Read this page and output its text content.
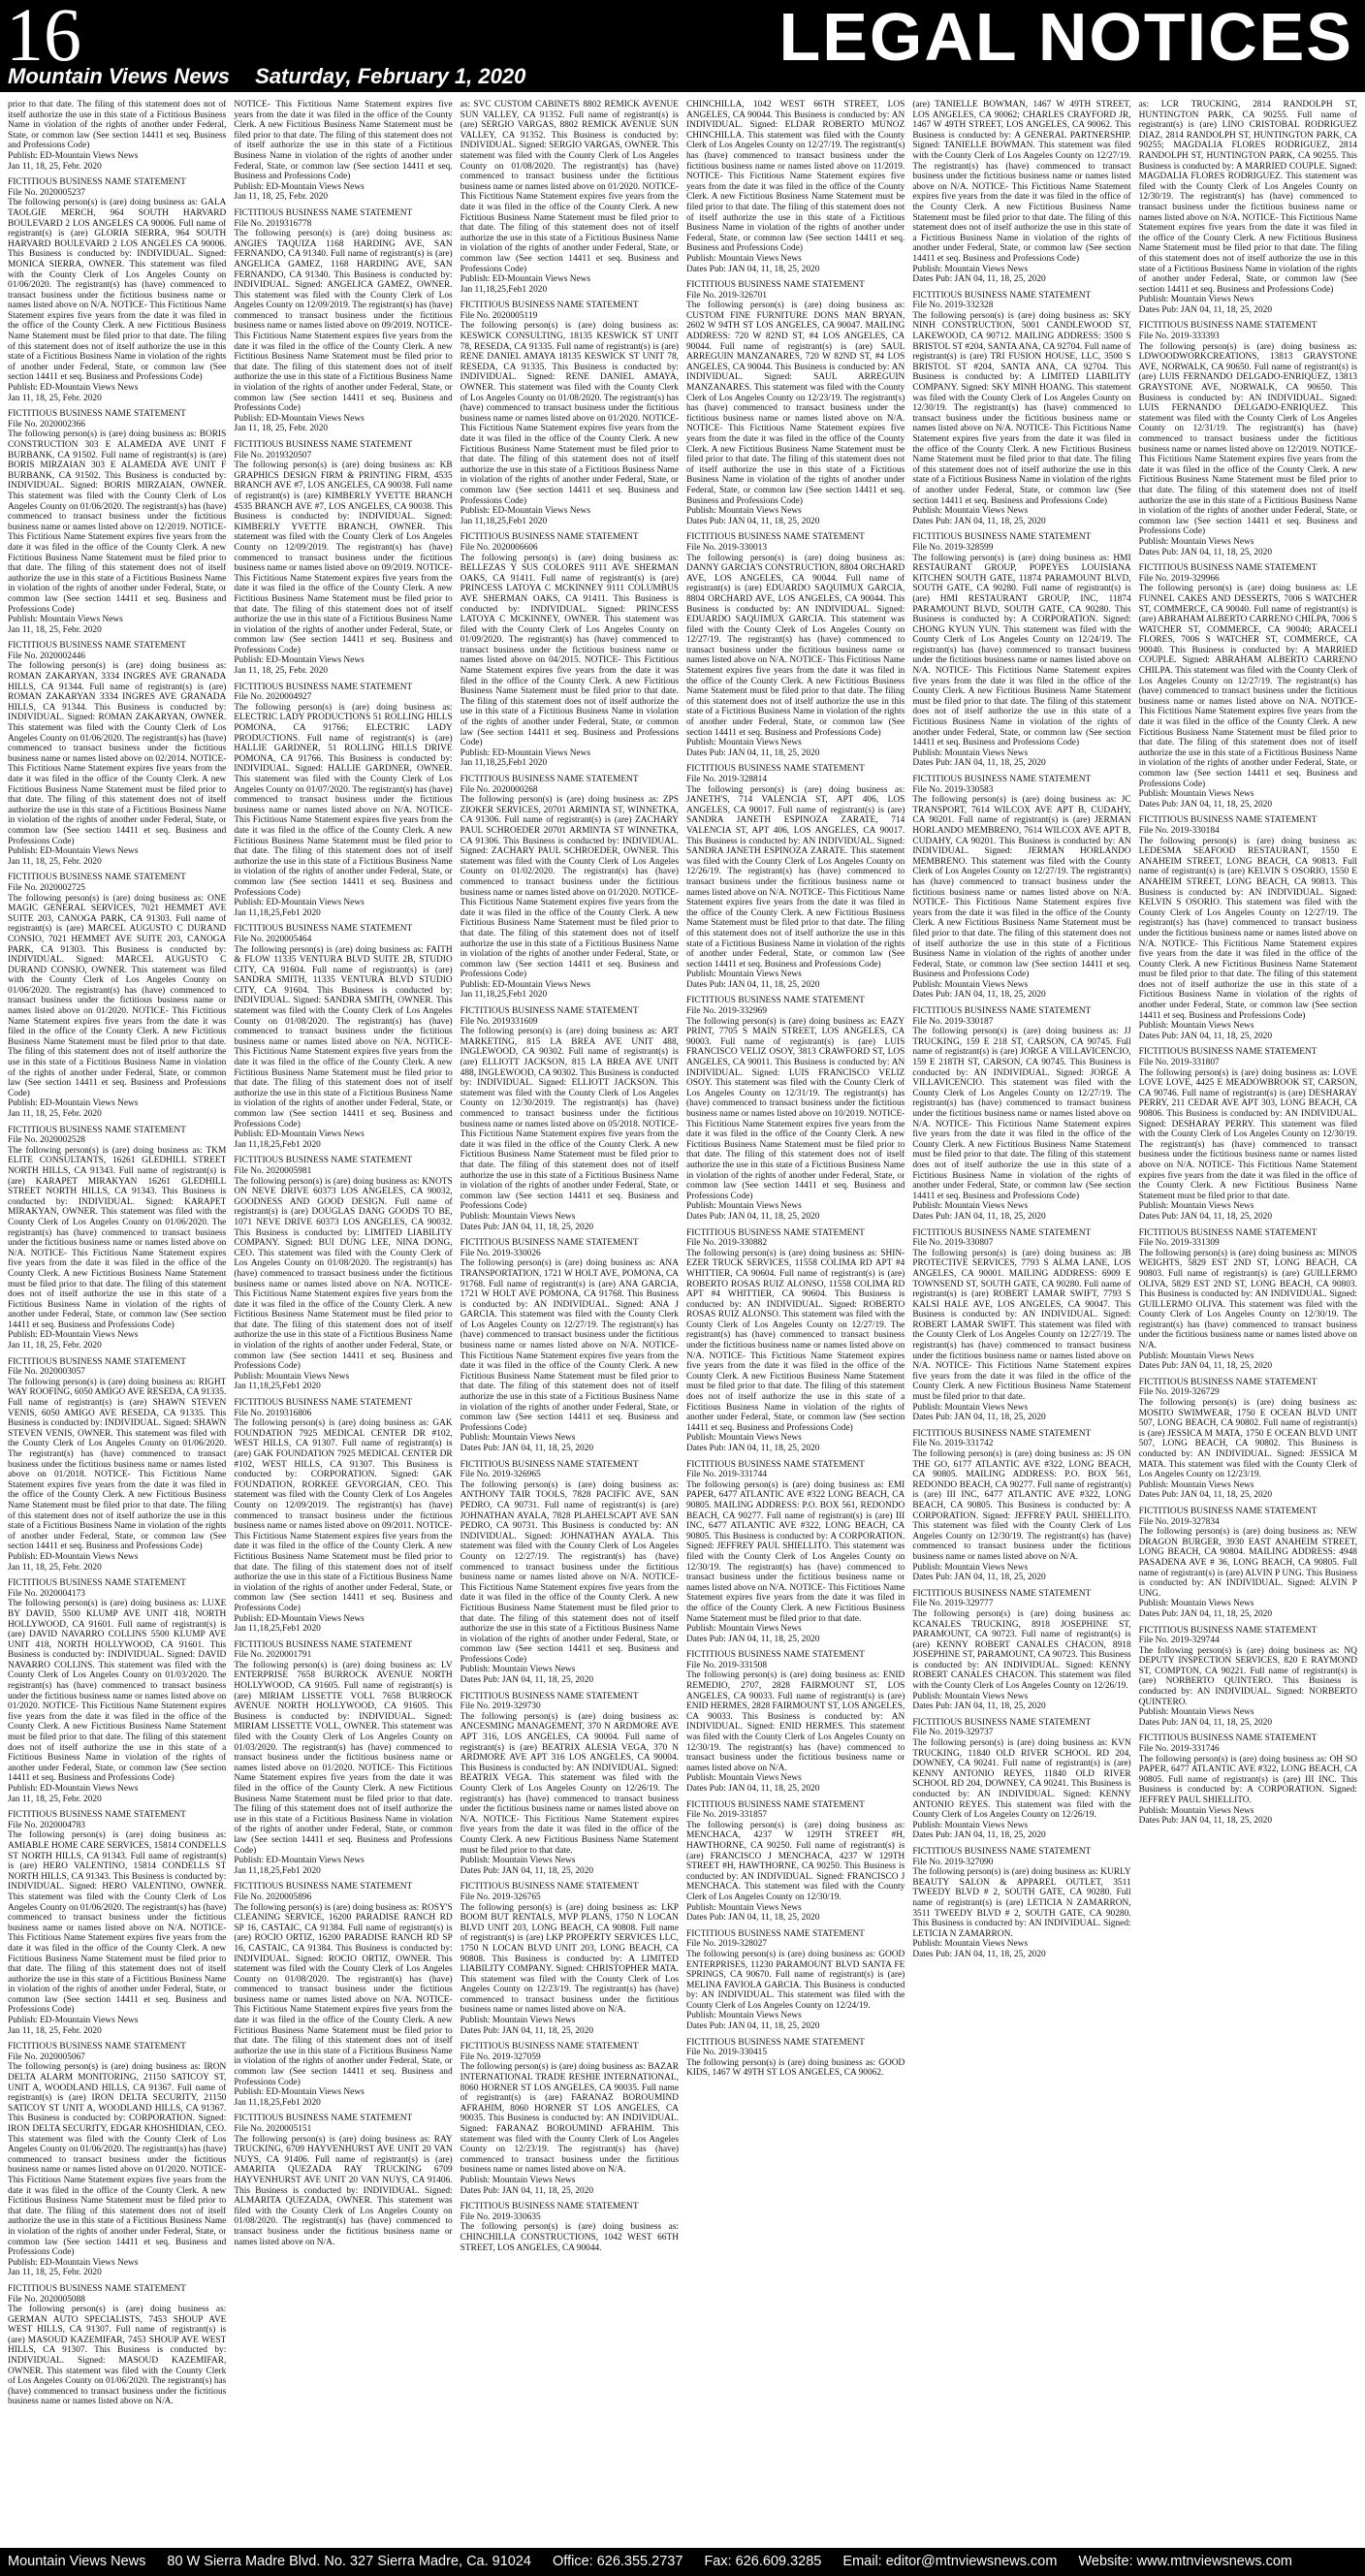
16	LEGAL NOTICES
Mountain Views News Saturday, February 1, 2020
prior to that date. The filing of this statement does not of itself authorize the use in this state of a Fictitious Business Name in violation of the rights of another under Federal, State, or common law (See section 14411 et seq. Business and Professions Code)
Publish: ED-Mountain Views News
Jan 11, 18, 25, Febr. 2020
FICTITIOUS BUSINESS NAME STATEMENT
File No. 2020005237
The following person(s) is (are) doing business as: GALA TAOLGIE MERCH, 964 SOUTH HARVARD BOULEVARD 2 LOS ANGELES CA 90006. Full name of registrant(s) is (are) GLORIA SIERRA, 964 SOUTH HARVARD BOULEVARD 2 LOS ANGELES CA 90006. This Business is conducted by: INDIVIDUAL. Signed: MONICA SIERRA, OWNER. This statement was filed with the County Clerk of Los Angeles County on 01/06/2020. The registrant(s) has (have) commenced to transact business under the fictitious business name or names listed above on N/A. NOTICE- This Fictitious Name Statement expires five years from the date it was filed in the office of the County Clerk. A new Fictitious Business Name Statement must be filed prior to that date. The filing of this statement does not of itself authorize the use in this state of a Fictitious Business Name in violation of the rights of another under Federal, State, or common law (See section 14411 et seq. Business and Professions Code)
Publish: ED-Mountain Views News
Jan 11, 18, 25, Febr. 2020
FICTITIOUS BUSINESS NAME STATEMENT
File No. 2020002366
The following person(s) is (are) doing business as: BORIS CONSTRUCTION 303 E ALAMEDA AVE UNIT F BURBANK, CA 91502. Full name of registrant(s) is (are) BORIS MIRZAIAN 303 E ALAMEDA AVE UNIT F BURBANK, CA 91502. This Business is conducted by: INDIVIDUAL. Signed: BORIS MIRZAIAN, OWNER. This statement was filed with the County Clerk of Los Angeles County on 01/06/2020. The registrant(s) has (have) commenced to transact business under the fictitious business name or names listed above on 12/2019. NOTICE- This Fictitious Name Statement expires five years from the date it was filed in the office of the County Clerk. A new Fictitious Business Name Statement must be filed prior to that date. The filing of this statement does not of itself authorize the use in this state of a Fictitious Business Name in violation of the rights of another under Federal, State, or common law (See section 14411 et seq. Business and Professions Code)
Publish: Mountain Views News
Jan 11, 18, 25, Febr. 2020
FICTITIOUS BUSINESS NAME STATEMENT
File No. 2020002446
The following person(s) is (are) doing business as: ROMAN ZAKARYAN, 3334 INGRES AVE GRANADA HILLS, CA 91344. Full name of registrant(s) is (are) ROMAN ZAKARYAN 3334 INGRES AVE GRANADA HILLS, CA 91344. This Business is conducted by: INDIVIDUAL. Signed: ROMAN ZAKARYAN, OWNER. This statement was filed with the County Clerk of Los Angeles County on 01/06/2020. The registrant(s) has (have) commenced to transact business under the fictitious business name or names listed above on 02/2014. NOTICE- This Fictitious Name Statement expires five years from the date it was filed in the office of the County Clerk. A new Fictitious Business Name Statement must be filed prior to that date. The filing of this statement does not of itself authorize the use in this state of a Fictitious Business Name in violation of the rights of another under Federal, State, or common law (See section 14411 et seq. Business and Professions Code)
Publish: ED-Mountain Views News
Jan 11, 18, 25, Febr. 2020
FICTITIOUS BUSINESS NAME STATEMENT
File No. 2020002725
The following person(s) is (are) doing business as: ONE MAGIC GENERAL SERVICES, 7021 HEMMET AVE SUITE 203, CANOGA PARK, CA 91303. Full name of registrant(s) is (are) MARCEL AUGUSTO C DURAND CONSIO, 7021 HEMMET AVE SUITE 203, CANOGA PARK, CA 91303. This Business is conducted by: INDIVIDUAL. Signed: MARCEL AUGUSTO C DURAND CONSIO, OWNER. This statement was filed with the County Clerk of Los Angeles County on 01/06/2020. The registrant(s) has (have) commenced to transact business under the fictitious business name or names listed above on 01/2020. NOTICE- This Fictitious Name Statement expires five years from the date it was filed in the office of the County Clerk. A new Fictitious Business Name Statement must be filed prior to that date. The filing of this statement does not of itself authorize the use in this state of a Fictitious Business Name in violation of the rights of another under Federal, State, or common law (See section 14411 et seq. Business and Professions Code)
Publish: ED-Mountain Views News
Jan 11, 18, 25, Febr. 2020
FICTITIOUS BUSINESS NAME STATEMENT
File No. 2020002528
The following person(s) is (are) doing business as: TKM ELITE CONSULTANTS, 16261 GLEDHILL STREET NORTH HILLS, CA 91343. Full name of registrant(s) is (are) KARAPET MIRAKYAN 16261 GLEDHILL STREET NORTH HILLS, CA 91343. This Business is conducted by: INDIVIDUAL. Signed: KARAPET MIRAKYAN, OWNER. This statement was filed with the County Clerk of Los Angeles County on 01/06/2020. The registrant(s) has (have) commenced to transact business under the fictitious business name or names listed above on N/A. NOTICE- This Fictitious Name Statement expires five years from the date it was filed in the office of the County Clerk. A new Fictitious Business Name Statement must be filed prior to that date. The filing of this statement does not of itself authorize the use in this state of a Fictitious Business Name in violation of the rights of another under Federal, State, or common law (See section 14411 et seq. Business and Professions Code)
Publish: ED-Mountain Views News
Jan 11, 18, 25, Febr. 2020
FICTITIOUS BUSINESS NAME STATEMENT
File No. 2020003057
The following person(s) is (are) doing business as: RIGHT WAY ROOFING, 6050 AMIGO AVE RESEDA, CA 91335. Full name of registrant(s) is (are) SHAWN STEVEN VENIS, 6050 AMIGO AVE RESEDA, CA 91335. This Business is conducted by: INDIVIDUAL. Signed: SHAWN STEVEN VENIS, OWNER. This statement was filed with the County Clerk of Los Angeles County on 01/06/2020. The registrant(s) has (have) commenced to transact business under the fictitious business name or names listed above on 01/2018. NOTICE- This Fictitious Name Statement expires five years from the date it was filed in the office of the County Clerk. A new Fictitious Business Name Statement must be filed prior to that date. The filing of this statement does not of itself authorize the use in this state of a Fictitious Business Name in violation of the rights of another under Federal, State, or common law (See section 14411 et seq. Business and Professions Code)
Publish: ED-Mountain Views News
Jan 11, 18, 25, Febr. 2020
FICTITIOUS BUSINESS NAME STATEMENT
File No. 2020004173
The following person(s) is (are) doing business as: LUXE BY DAVID, 5500 KLUMP AVE UNIT 418, NORTH HOLLYWOOD, CA 91601. Full name of registrant(s) is (are) DAVID NAVARRO COLLINS 5500 KLUMP AVE UNIT 418, NORTH HOLLYWOOD, CA 91601. This Business is conducted by: INDIVIDUAL. Signed: DAVID NAVARRO COLLINS. This statement was filed with the County Clerk of Los Angeles County on 01/03/2020. The registrant(s) has (have) commenced to transact business under the fictitious business name or names listed above on 01/2020. NOTICE- This Fictitious Name Statement expires five years from the date it was filed in the office of the County Clerk. A new Fictitious Business Name Statement must be filed prior to that date. The filing of this statement does not of itself authorize the use in this state of a Fictitious Business Name in violation of the rights of another under Federal, State, or common law (See section 14411 et seq. Business and Professions Code)
Publish: ED-Mountain Views News
Jan 11, 18, 25, Febr. 2020
FICTITIOUS BUSINESS NAME STATEMENT
File No. 2020004783
The following person(s) is (are) doing business as: AMIABLE HOME CARE SERVICES, 15814 CONDELLS ST NORTH HILLS, CA 91343. Full name of registrant(s) is (are) HERO VALENTINO, 15814 CONDELLS ST NORTH HILLS, CA 91343. This Business is conducted by: INDIVIDUAL. Signed: HERO VALENTINO, OWNER. This statement was filed with the County Clerk of Los Angeles County on 01/06/2020. The registrant(s) has (have) commenced to transact business under the fictitious business name or names listed above on N/A. NOTICE- This Fictitious Name Statement expires five years from the date it was filed in the office of the County Clerk. A new Fictitious Business Name Statement must be filed prior to that date. The filing of this statement does not of itself authorize the use in this state of a Fictitious Business Name in violation of the rights of another under Federal, State, or common law (See section 14411 et seq. Business and Professions Code)
Publish: ED-Mountain Views News
Jan 11, 18, 25, Febr. 2020
FICTITIOUS BUSINESS NAME STATEMENT
File No. 2020005067
The following person(s) is (are) doing business as: IRON DELTA ALARM MONITORING, 21150 SATICOY ST, UNIT A, WOODLAND HILLS, CA 91367. Full name of registrant(s) is (are) IRON DELTA SECURITY, 21150 SATICOY ST UNIT A, WOODLAND HILLS, CA 91367. This Business is conducted by: CORPORATION. Signed: IRON DELTA SECURITY, EDGAR KHOSHIDIAN, CEO. This statement was filed with the County Clerk of Los Angeles County on 01/06/2020. The registrant(s) has (have) commenced to transact business under the fictitious business name or names listed above on 01/2020. NOTICE- This Fictitious Name Statement expires five years from the date it was filed in the office of the County Clerk. A new Fictitious Business Name Statement must be filed prior to that date. The filing of this statement does not of itself authorize the use in this state of a Fictitious Business Name in violation of the rights of another under Federal, State, or common law (See section 14411 et seq. Business and Professions Code)
Publish: ED-Mountain Views News
Jan 11, 18, 25, Febr. 2020
FICTITIOUS BUSINESS NAME STATEMENT
File No. 2020005088
The following person(s) is (are) doing business as: GERMAN AUTO SPECIALISTS, 7453 SHOUP AVE WEST HILLS, CA 91307. Full name of registrant(s) is (are) MASOUD KAZEMIFAR, 7453 SHOUP AVE WEST HILLS, CA 91307. This Business is conducted by: INDIVIDUAL. Signed: MASOUD KAZEMIFAR, OWNER. This statement was filed with the County Clerk of Los Angeles County on 01/06/2020. The registrant(s) has (have) commenced to transact business under the fictitious business name or names listed above on N/A.
NOTICE- This Fictitious Name Statement expires five years from the date it was filed in the office of the County Clerk. A new Fictitious Business Name Statement must be filed prior to that date. The filing of this statement does not of itself authorize the use in this state of a Fictitious Business Name in violation of the rights of another under Federal, State, or common law (See section 14411 et seq. Business and Professions Code)
Publish: ED-Mountain Views News
Jan 11, 18, 25, Febr. 2020
FICTITIOUS BUSINESS NAME STATEMENT
File No. 2019316778
The following person(s) is (are) doing business as: ANGIES TAQUIZA 1168 HARDING AVE, SAN FERNANDO, CA 91340. Full name of registrant(s) is (are) ANGELICA GAMEZ, 1168 HARDING AVE, SAN FERNANDO, CA 91340. This Business is conducted by: INDIVIDUAL. Signed: ANGELICA GAMEZ, OWNER. This statement was filed with the County Clerk of Los Angeles County on 12/09/2019. The registrant(s) has (have) commenced to transact business under the fictitious business name or names listed above on 09/2019. NOTICE- This Fictitious Name Statement expires five years from the date it was filed in the office of the County Clerk. A new Fictitious Business Name Statement must be filed prior to that date. The filing of this statement does not of itself authorize the use in this state of a Fictitious Business Name in violation of the rights of another under Federal, State, or common law (See section 14411 et seq. Business and Professions Code)
Publish: ED-Mountain Views News
Jan 11, 18, 25, Febr. 2020
FICTITIOUS BUSINESS NAME STATEMENT
File No. 2019320507
The following person(s) is (are) doing business as: KB GRAPHICS DESIGN FIRM & PRINTING FIRM, 4535 BRANCH AVE #7, LOS ANGELES, CA 90038. Full name of registrant(s) is (are) KIMBERLY YVETTE BRANCH 4535 BRANCH AVE #7, LOS ANGELES, CA 90038. This Business is conducted by: INDIVIDUAL. Signed: KIMBERLY YVETTE BRANCH, OWNER. This statement was filed with the County Clerk of Los Angeles County on 12/09/2019. The registrant(s) has (have) commenced to transact business under the fictitious business name or names listed above on 09/2019. NOTICE- This Fictitious Name Statement expires five years from the date it was filed in the office of the County Clerk. A new Fictitious Business Name Statement must be filed prior to that date. The filing of this statement does not of itself authorize the use in this state of a Fictitious Business Name in violation of the rights of another under Federal, State, or common law (See section 14411 et seq. Business and Professions Code)
Publish: ED-Mountain Views News
Jan 11, 18, 25, Febr. 2020
FICTITIOUS BUSINESS NAME STATEMENT
File No. 2020004927
The following person(s) is (are) doing business as: ELECTRIC LADY PRODUCTIONS 51 ROLLING HILLS POMONA, CA 91766; ELECTRIC LADY PRODUCTIONS. Full name of registrant(s) is (are) HALLIE GARDNER, 51 ROLLING HILLS DRIVE POMONA, CA 91766. This Business is conducted by: INDIVIDUAL. Signed: HALLIE GARDNER, OWNER. This statement was filed with the County Clerk of Los Angeles County on 01/07/2020. The registrant(s) has (have) commenced to transact business under the fictitious business name or names listed above on N/A. NOTICE- This Fictitious Name Statement expires five years from the date it was filed in the office of the County Clerk. A new Fictitious Business Name Statement must be filed prior to that date. The filing of this statement does not of itself authorize the use in this state of a Fictitious Business Name in violation of the rights of another under Federal, State, or common law (See section 14411 et seq. Business and Professions Code)
Publish: ED-Mountain Views News
Jan 11,18,25,Feb1 2020
FICTITIOUS BUSINESS NAME STATEMENT
File No. 2020005464
The following person(s) is (are) doing business as: FAITH & FLOW 11335 VENTURA BLVD SUITE 2B, STUDIO CITY, CA 91604. Full name of registrant(s) is (are) SANDRA SMITH, 11335 VENTURA BLVD STUDIO CITY, CA 91604. This Business is conducted by: INDIVIDUAL. Signed: SANDRA SMITH, OWNER. This statement was filed with the County Clerk of Los Angeles County on 01/08/2020. The registrant(s) has (have) commenced to transact business under the fictitious business name or names listed above on N/A. NOTICE- This Fictitious Name Statement expires five years from the date it was filed in the office of the County Clerk. A new Fictitious Business Name Statement must be filed prior to that date. The filing of this statement does not of itself authorize the use in this state of a Fictitious Business Name in violation of the rights of another under Federal, State, or common law (See section 14411 et seq. Business and Professions Code)
Publish: ED-Mountain Views News
Jan 11,18,25,Feb1 2020
FICTITIOUS BUSINESS NAME STATEMENT
File No. 2020005981
The following person(s) is (are) doing business as: KNOTS ON NEVE DRIVE 60373 LOS ANGELES, CA 90032, GOODNESS AND GOOD DESIGN. Full name of registrant(s) is (are) DOUGLAS DANG GOODS TO BE, 1071 NEVE DRIVE 60373 LOS ANGELES, CA 90032. This Business is conducted by: LIMITED LIABILITY COMPANY. Signed: BUI DUNG LEE, NINA DONG, CEO. This statement was filed with the County Clerk of Los Angeles County on 01/08/2020. The registrant(s) has (have) commenced to transact business under the fictitious business name or names listed above on N/A. NOTICE- This Fictitious Name Statement expires five years from the date it was filed in the office of the County Clerk. A new Fictitious Business Name Statement must be filed prior to that date. The filing of this statement does not of itself authorize the use in this state of a Fictitious Business Name in violation of the rights of another under Federal, State, or common law (See section 14411 et seq. Business and Professions Code)
Publish: Mountain Views News
Jan 11,18,25,Feb1 2020
FICTITIOUS BUSINESS NAME STATEMENT
File No. 2019316806
The following person(s) is (are) doing business as: GAK FOUNDATION 7925 MEDICAL CENTER DR #102, WEST HILLS, CA 91307. Full name of registrant(s) is (are) GAK FOUNDATION 7925 MEDICAL CENTER DR #102, WEST HILLS, CA 91307. This Business is conducted by: CORPORATION. Signed: GAK FOUNDATION, RORKEE GEVORGIAN, CEO. This statement was filed with the County Clerk of Los Angeles County on 12/09/2019. The registrant(s) has (have) commenced to transact business under the fictitious business name or names listed above on 09/2011. NOTICE- This Fictitious Name Statement expires five years from the date it was filed in the office of the County Clerk. A new Fictitious Business Name Statement must be filed prior to that date. The filing of this statement does not of itself authorize the use in this state of a Fictitious Business Name in violation of the rights of another under Federal, State, or common law (See section 14411 et seq. Business and Professions Code)
Publish: ED-Mountain Views News
Jan 11,18,25,Feb1 2020
FICTITIOUS BUSINESS NAME STATEMENT
File No. 2020001791
The following person(s) is (are) doing business as: LV ENTERPRISE 7658 BURROCK AVENUE NORTH HOLLYWOOD, CA 91605. Full name of registrant(s) is (are) MIRIAM LISSETTE VOLL 7658 BURROCK AVENUE NORTH HOLLYWOOD, CA 91605. This Business is conducted by: INDIVIDUAL. Signed: MIRIAM LISSETTE VOLL, OWNER. This statement was filed with the County Clerk of Los Angeles County on 01/03/2020. The registrant(s) has (have) commenced to transact business under the fictitious business name or names listed above on 01/2020. NOTICE- This Fictitious Name Statement expires five years from the date it was filed in the office of the County Clerk. A new Fictitious Business Name Statement must be filed prior to that date. The filing of this statement does not of itself authorize the use in this state of a Fictitious Business Name in violation of the rights of another under Federal, State, or common law (See section 14411 et seq. Business and Professions Code)
Publish: ED-Mountain Views News
Jan 11,18,25,Feb1 2020
FICTITIOUS BUSINESS NAME STATEMENT
File No. 2020005896
The following person(s) is (are) doing business as: ROSY'S CLEANING SERVICE, 16200 PARADISE RANCH RD SP 16, CASTAIC, CA 91384. Full name of registrant(s) is (are) ROCIO ORTIZ, 16200 PARADISE RANCH RD SP 16, CASTAIC, CA 91384. This Business is conducted by: INDIVIDUAL. Signed: ROCIO ORTIZ, OWNER. This statement was filed with the County Clerk of Los Angeles County on 01/08/2020. The registrant(s) has (have) commenced to transact business under the fictitious business name or names listed above on N/A. NOTICE- This Fictitious Name Statement expires five years from the date it was filed in the office of the County Clerk. A new Fictitious Business Name Statement must be filed prior to that date. The filing of this statement does not of itself authorize the use in this state of a Fictitious Business Name in violation of the rights of another under Federal, State, or common law (See section 14411 et seq. Business and Professions Code)
Publish: ED-Mountain Views News
Jan 11,18,25,Feb1 2020
FICTITIOUS BUSINESS NAME STATEMENT
File No. 2020005151
The following person(s) is (are) doing business as: RAY TRUCKING, 6709 HAYVENHURST AVE UNIT 20 VAN NUYS, CA 91406. Full name of registrant(s) is (are) AMARITA QUEZADA RAY TRUCKING 6709 HAYVENHURST AVE UNIT 20 VAN NUYS, CA 91406. This Business is conducted by: INDIVIDUAL. Signed: ALMARITA QUEZADA, OWNER. This statement was filed with the County Clerk of Los Angeles County on 01/08/2020. The registrant(s) has (have) commenced to transact business under the fictitious business name or names listed above on N/A.
as: SVC CUSTOM CABINETS 8802 REMICK AVENUE SUN VALLEY, CA 91352. Full name of registrant(s) is (are) SERGIO VARGAS, 8802 REMICK AVENUE SUN VALLEY, CA 91352. This Business is conducted by: INDIVIDUAL. Signed: SERGIO VARGAS, OWNER. This statement was filed with the County Clerk of Los Angeles County on 01/08/2020. The registrant(s) has (have) commenced to transact business under the fictitious business name or names listed above on 01/2020. NOTICE- This Fictitious Name Statement expires five years from the date it was filed in the office of the County Clerk. A new Fictitious Business Name Statement must be filed prior to that date. The filing of this statement does not of itself authorize the use in this state of a Fictitious Business Name in violation of the rights of another under Federal, State, or common law (See section 14411 et seq. Business and Professions Code)
Publish: ED-Mountain Views News
Jan 11,18,25,Feb1 2020
FICTITIOUS BUSINESS NAME STATEMENT
File No. 2020005119
The following person(s) is (are) doing business as: KESWICK CONSULTING, 18135 KESWICK ST UNIT 78, RESEDA, CA 91335. Full name of registrant(s) is (are) RENE DANIEL AMAYA 18135 KESWICK ST UNIT 78, RESEDA, CA 91335. This Business is conducted by: INDIVIDUAL. Signed: RENE DANIEL AMAYA, OWNER. This statement was filed with the County Clerk of Los Angeles County on 01/08/2020. The registrant(s) has (have) commenced to transact business under the fictitious business name or names listed above on 01/2020. NOTICE- This Fictitious Name Statement expires five years from the date it was filed in the office of the County Clerk. A new Fictitious Business Name Statement must be filed prior to that date. The filing of this statement does not of itself authorize the use in this state of a Fictitious Business Name in violation of the rights of another under Federal, State, or common law (See section 14411 et seq. Business and Professions Code)
Publish: ED-Mountain Views News
Jan 11,18,25,Feb1 2020
FICTITIOUS BUSINESS NAME STATEMENT
File No. 2020006606
The following person(s) is (are) doing business as: BELLEZAS Y SUS COLORES 9111 AVE SHERMAN OAKS, CA 91411. Full name of registrant(s) is (are) PRINCESS LATOYA C MCKINNEY 9111 COLUMBUS AVE SHERMAN OAKS, CA 91411. This Business is conducted by: INDIVIDUAL. Signed: PRINCESS LATOYA C MCKINNEY, OWNER. This statement was filed with the County Clerk of Los Angeles County on 01/09/2020. The registrant(s) has (have) commenced to transact business under the fictitious business name or names listed above on 04/2015. NOTICE- This Fictitious Name Statement expires five years from the date it was filed in the office of the County Clerk. A new Fictitious Business Name Statement must be filed prior to that date. The filing of this statement does not of itself authorize the use in this state of a Fictitious Business Name in violation of the rights of another under Federal, State, or common law (See section 14411 et seq. Business and Professions Code)
Publish: ED-Mountain Views News
Jan 11,18,25,Feb1 2020
FICTITIOUS BUSINESS NAME STATEMENT
File No. 2020000268
The following person(s) is (are) doing business as: ZPS ZIOKER SERVICES, 20701 ARMINTA ST, WINNETKA, CA 91306. Full name of registrant(s) is (are) ZACHARY PAUL SCHROEDER 20701 ARMINTA ST WINNETKA, CA 91306. This Business is conducted by: INDIVIDUAL. Signed: ZACHARY PAUL SCHROEDER, OWNER. This statement was filed with the County Clerk of Los Angeles County on 01/02/2020. The registrant(s) has (have) commenced to transact business under the fictitious business name or names listed above on 01/2020. NOTICE- This Fictitious Name Statement expires five years from the date it was filed in the office of the County Clerk. A new Fictitious Business Name Statement must be filed prior to that date. The filing of this statement does not of itself authorize the use in this state of a Fictitious Business Name in violation of the rights of another under Federal, State, or common law (See section 14411 et seq. Business and Professions Code)
Publish: ED-Mountain Views News
Jan 11,18,25,Feb1 2020
FICTITIOUS BUSINESS NAME STATEMENT
File No. 2019331609
The following person(s) is (are) doing business as: ART MARKETING, 815 LA BREA AVE UNIT 488, INGLEWOOD, CA 90302. Full name of registrant(s) is (are) ELLIOTT JACKSON, 815 LA BREA AVE UNIT 488, INGLEWOOD, CA 90302. This Business is conducted by: INDIVIDUAL. Signed: ELLIOTT JACKSON. This statement was filed with the County Clerk of Los Angeles County on 12/30/2019. The registrant(s) has (have) commenced to transact business under the fictitious business name or names listed above on 05/2018. NOTICE- This Fictitious Name Statement expires five years from the date it was filed in the office of the County Clerk. A new Fictitious Business Name Statement must be filed prior to that date. The filing of this statement does not of itself authorize the use in this state of a Fictitious Business Name in violation of the rights of another under Federal, State, or common law (See section 14411 et seq. Business and Professions Code)
Publish: Mountain Views News
Dates Pub: JAN 04, 11, 18, 25, 2020
FICTITIOUS BUSINESS NAME STATEMENT
File No. 2019-330026
The following person(s) is (are) doing business as: ANA TRANSPORTATION, 1721 W HOLT AVE, POMONA, CA 91768. Full name of registrant(s) is (are) ANA GARCIA, 1721 W HOLT AVE POMONA, CA 91768. This Business is conducted by: AN INDIVIDUAL. Signed: ANA J GARCIA. This statement was filed with the County Clerk of Los Angeles County on 12/27/19. The registrant(s) has (have) commenced to transact business under the fictitious business name or names listed above on N/A. NOTICE- This Fictitious Name Statement expires five years from the date it was filed in the office of the County Clerk. A new Fictitious Business Name Statement must be filed prior to that date. The filing of this statement does not of itself authorize the use in this state of a Fictitious Business Name in violation of the rights of another under Federal, State, or common law (See section 14411 et seq. Business and Professions Code)
Publish: Mountain Views News
Dates Pub: JAN 04, 11, 18, 25, 2020
FICTITIOUS BUSINESS NAME STATEMENT
File No. 2019-326965
The following person(s) is (are) doing business as: ANTHONY TAIR TOOLS, 7828 PACIFIC AVE, SAN PEDRO, CA 90731. Full name of registrant(s) is (are) JOHNATHAN AYALA, 7828 PLAHELSCAPT AVE SAN PEDRO, CA 90731. This Business is conducted by: AN INDIVIDUAL. Signed: JOHNATHAN AYALA. This statement was filed with the County Clerk of Los Angeles County on 12/27/19. The registrant(s) has (have) commenced to transact business under the fictitious business name or names listed above on N/A. NOTICE- This Fictitious Name Statement expires five years from the date it was filed in the office of the County Clerk. A new Fictitious Business Name Statement must be filed prior to that date. The filing of this statement does not of itself authorize the use in this state of a Fictitious Business Name in violation of the rights of another under Federal, State, or common law (See section 14411 et seq. Business and Professions Code)
Publish: Mountain Views News
Dates Pub: JAN 04, 11, 18, 25, 2020
FICTITIOUS BUSINESS NAME STATEMENT
File No. 2019-329730
The following person(s) is (are) doing business as: ANCESMING MANAGEMENT, 370 N ARDMORE AVE APT 316, LOS ANGELES, CA 90004. Full name of registrant(s) is (are) BEATRIX ALESIA VEGA, 370 N ARDMORE AVE APT 316 LOS ANGELES, CA 90004. This Business is conducted by: AN INDIVIDUAL. Signed: BEATRIX VEGA. This statement was filed with the County Clerk of Los Angeles County on 12/26/19. The registrant(s) has (have) commenced to transact business under the fictitious business name or names listed above on N/A. NOTICE- This Fictitious Name Statement expires five years from the date it was filed in the office of the County Clerk. A new Fictitious Business Name Statement must be filed prior to that date.
Publish: Mountain Views News
Dates Pub: JAN 04, 11, 18, 25, 2020
FICTITIOUS BUSINESS NAME STATEMENT
File No. 2019-326765
The following person(s) is (are) doing business as: LKP BOOM BUT RENTALS, MVP PLANS, 1750 N LOCAN BLVD UNIT 203, LONG BEACH, CA 90808. Full name of registrant(s) is (are) LKP PROPERTY SERVICES LLC, 1750 N LOCAN BLVD UNIT 203, LONG BEACH, CA 90808. This Business is conducted by: A LIMITED LIABILITY COMPANY. Signed: CHRISTOPHER MATA. This statement was filed with the County Clerk of Los Angeles County on 12/23/19. The registrant(s) has (have) commenced to transact business under the fictitious business name or names listed above on N/A.
Publish: Mountain Views News
Dates Pub: JAN 04, 11, 18, 25, 2020
FICTITIOUS BUSINESS NAME STATEMENT
File No. 2019-327059
The following person(s) is (are) doing business as: BAZAR INTERNATIONAL TRADE RESHIE INTERNATIONAL, 8060 HORNER ST LOS ANGELES, CA 90035. Full name of registrant(s) is (are) FARANAZ BOROUMIND AFRAHIM, 8060 HORNER ST LOS ANGELES, CA 90035. This Business is conducted by: AN INDIVIDUAL. Signed: FARANAZ BOROUMIND AFRAHIM. This statement was filed with the County Clerk of Los Angeles County on 12/23/19. The registrant(s) has (have) commenced to transact business under the fictitious business name or names listed above on N/A.
Publish: Mountain Views News
Dates Pub: JAN 04, 11, 18, 25, 2020
FICTITIOUS BUSINESS NAME STATEMENT
File No. 2019-330635
The following person(s) is (are) doing business as: CHINCHILLA CONSTRUCTIONS, 1042 WEST 66TH STREET, LOS ANGELES, CA 90044.
CHINCHILLA, 1042 WEST 66TH STREET, LOS ANGELES, CA 90044. This Business is conducted by: AN INDIVIDUAL. Signed: ELDAR ROBERTO MUNOZ CHINCHILLA. This statement was filed with the County Clerk of Los Angeles County on 12/27/19. The registrant(s) has (have) commenced to transact business under the fictitious business name or names listed above on 11/2019. NOTICE- This Fictitious Name Statement expires five years from the date it was filed in the office of the County Clerk. A new Fictitious Business Name Statement must be filed prior to that date. The filing of this statement does not of itself authorize the use in this state of a Fictitious Business Name in violation of the rights of another under Federal, State, or common law (See section 14411 et seq. Business and Professions Code)
Publish: Mountain Views News
Dates Pub: JAN 04, 11, 18, 25, 2020
FICTITIOUS BUSINESS NAME STATEMENT
File No. 2019-326701
The following person(s) is (are) doing business as: CUSTOM FINE FURNITURE DONS MAN BRYAN, 2602 W 94TH ST LOS ANGELES, CA 90047. MAILING ADDRESS: 720 W 82ND ST, #4 LOS ANGELES, CA 90044. Full name of registrant(s) is (are) SAUL ARREGUIN MANZANARES, 720 W 82ND ST, #4 LOS ANGELES, CA 90044. This Business is conducted by: AN INDIVIDUAL. Signed: SAUL ARREGUIN MANZANARES. This statement was filed with the County Clerk of Los Angeles County on 12/23/19. The registrant(s) has (have) commenced to transact business under the fictitious business name or names listed above on N/A. NOTICE- This Fictitious Name Statement expires five years from the date it was filed in the office of the County Clerk. A new Fictitious Business Name Statement must be filed prior to that date. The filing of this statement does not of itself authorize the use in this state of a Fictitious Business Name in violation of the rights of another under Federal, State, or common law (See section 14411 et seq. Business and Professions Code)
Publish: Mountain Views News
Dates Pub: JAN 04, 11, 18, 25, 2020
FICTITIOUS BUSINESS NAME STATEMENT
File No. 2019-330013
The following person(s) is (are) doing business as: DANNY GARCIA'S CONSTRUCTION, 8804 ORCHARD AVE, LOS ANGELES, CA 90044. Full name of registrant(s) is (are) EDUARDO SAQUIMUX GARCIA, 8804 ORCHARD AVE, LOS ANGELES, CA 90044. This Business is conducted by: AN INDIVIDUAL. Signed: EDUARDO SAQUIMUX GARCIA. This statement was filed with the County Clerk of Los Angeles County on 12/27/19. The registrant(s) has (have) commenced to transact business under the fictitious business name or names listed above on N/A. NOTICE- This Fictitious Name Statement expires five years from the date it was filed in the office of the County Clerk. A new Fictitious Business Name Statement must be filed prior to that date. The filing of this statement does not of itself authorize the use in this state of a Fictitious Business Name in violation of the rights of another under Federal, State, or common law (See section 14411 et seq. Business and Professions Code)
Publish: Mountain Views News
Dates Pub: JAN 04, 11, 18, 25, 2020
FICTITIOUS BUSINESS NAME STATEMENT
File No. 2019-328814
The following person(s) is (are) doing business as: JANETH'S, 714 VALENCIA ST, APT 406, LOS ANGELES, CA 90017. Full name of registrant(s) is (are) SANDRA JANETH ESPINOZA ZARATE, 714 VALENCIA ST, APT 406, LOS ANGELES, CA 90017. This Business is conducted by: AN INDIVIDUAL. Signed: SANDRA JANETH ESPINOZA ZARATE. This statement was filed with the County Clerk of Los Angeles County on 12/26/19. The registrant(s) has (have) commenced to transact business under the fictitious business name or names listed above on N/A. NOTICE- This Fictitious Name Statement expires five years from the date it was filed in the office of the County Clerk. A new Fictitious Business Name Statement must be filed prior to that date. The filing of this statement does not of itself authorize the use in this state of a Fictitious Business Name in violation of the rights of another under Federal, State, or common law (See section 14411 et seq. Business and Professions Code)
Publish: Mountain Views News
Dates Pub: JAN 04, 11, 18, 25, 2020
FICTITIOUS BUSINESS NAME STATEMENT
File No. 2019-332969
The following person(s) is (are) doing business as: EAZY PRINT, 7705 S MAIN STREET, LOS ANGELES, CA 90003. Full name of registrant(s) is (are) LUIS FRANCISCO VELIZ OSOY, 3813 CRAWFORD ST, LOS ANGELES, CA 90011. This Business is conducted by: AN INDIVIDUAL. Signed: LUIS FRANCISCO VELIZ OSOY. This statement was filed with the County Clerk of Los Angeles County on 12/31/19. The registrant(s) has (have) commenced to transact business under the fictitious business name or names listed above on 10/2019. NOTICE- This Fictitious Name Statement expires five years from the date it was filed in the office of the County Clerk. A new Fictitious Business Name Statement must be filed prior to that date. The filing of this statement does not of itself authorize the use in this state of a Fictitious Business Name in violation of the rights of another under Federal, State, or common law (See section 14411 et seq. Business and Professions Code)
Publish: Mountain Views News
Dates Pub: JAN 04, 11, 18, 25, 2020
FICTITIOUS BUSINESS NAME STATEMENT
File No. 2019-330882
The following person(s) is (are) doing business as: SHIN-EZER TRUCK SERVICES, 11558 COLIMA RD APT #4 WHITTIER, CA 90604. Full name of registrant(s) is (are) ROBERTO ROSAS RUIZ ALONSO, 11558 COLIMA RD APT #4 WHITTIER, CA 90604. This Business is conducted by: AN INDIVIDUAL. Signed: ROBERTO ROSAS RUIZ ALONSO. This statement was filed with the County Clerk of Los Angeles County on 12/27/19. The registrant(s) has (have) commenced to transact business under the fictitious business name or names listed above on N/A. NOTICE- This Fictitious Name Statement expires five years from the date it was filed in the office of the County Clerk. A new Fictitious Business Name Statement must be filed prior to that date. The filing of this statement does not of itself authorize the use in this state of a Fictitious Business Name in violation of the rights of another under Federal, State, or common law (See section 14411 et seq. Business and Professions Code)
Publish: Mountain Views News
Dates Pub: JAN 04, 11, 18, 25, 2020
FICTITIOUS BUSINESS NAME STATEMENT
File No. 2019-331744
The following person(s) is (are) doing business as: EMI PAPER, 6477 ATLANTIC AVE #322 LONG BEACH, CA 90805. MAILING ADDRESS: P.O. BOX 561, REDONDO BEACH, CA 90277. Full name of registrant(s) is (are) III INC, 6477 ATLANTIC AVE #322, LONG BEACH, CA 90805. This Business is conducted by: A CORPORATION. Signed: JEFFREY PAUL SHIELLITO. This statement was filed with the County Clerk of Los Angeles County on 12/30/19. The registrant(s) has (have) commenced to transact business under the fictitious business name or names listed above on N/A. NOTICE- This Fictitious Name Statement expires five years from the date it was filed in the office of the County Clerk. A new Fictitious Business Name Statement must be filed prior to that date.
Publish: Mountain Views News
Dates Pub: JAN 04, 11, 18, 25, 2020
FICTITIOUS BUSINESS NAME STATEMENT
File No. 2019-331508
The following person(s) is (are) doing business as: ENID REMEDIO, 2707, 2828 FAIRMOUNT ST, LOS ANGELES, CA 90033. Full name of registrant(s) is (are) ENID HERMES, 2828 FAIRMOUNT ST, LOS ANGELES, CA 90033. This Business is conducted by: AN INDIVIDUAL. Signed: ENID HERMES. This statement was filed with the County Clerk of Los Angeles County on 12/30/19. The registrant(s) has (have) commenced to transact business under the fictitious business name or names listed above on N/A.
Publish: Mountain Views News
Dates Pub: JAN 04, 11, 18, 25, 2020
FICTITIOUS BUSINESS NAME STATEMENT
File No. 2019-331857
The following person(s) is (are) doing business as: MENCHACA, 4237 W 129TH STREET #H, HAWTHORNE, CA 90250. Full name of registrant(s) is (are) FRANCISCO J MENCHACA, 4237 W 129TH STREET #H, HAWTHORNE, CA 90250. This Business is conducted by: AN INDIVIDUAL. Signed: FRANCISCO J MENCHACA. This statement was filed with the County Clerk of Los Angeles County on 12/30/19.
Publish: Mountain Views News
Dates Pub: JAN 04, 11, 18, 25, 2020
FICTITIOUS BUSINESS NAME STATEMENT
File No. 2019-328027
The following person(s) is (are) doing business as: GOOD ENTERPRISES, 11230 PARAMOUNT BLVD SANTA FE SPRINGS, CA 90670. Full name of registrant(s) is (are) MELINA FAVIOLA GARCIA. This Business is conducted by: AN INDIVIDUAL. This statement was filed with the County Clerk of Los Angeles County on 12/24/19.
Publish: Mountain Views News
Dates Pub: JAN 04, 11, 18, 25, 2020
FICTITIOUS BUSINESS NAME STATEMENT
File No. 2019-330415
The following person(s) is (are) doing business as: GOOD KIDS, 1467 W 49TH ST LOS ANGELES, CA 90062.
(are) TANIELLE BOWMAN, 1467 W 49TH STREET, LOS ANGELES, CA 90062; CHARLES CRAYFORD JR, 1467 W 49TH STREET, LOS ANGELES, CA 90062. This Business is conducted by: A GENERAL PARTNERSHIP. Signed: TANIELLE BOWMAN. This statement was filed with the County Clerk of Los Angeles County on 12/27/19. The registrant(s) has (have) commenced to transact business under the fictitious business name or names listed above on N/A. NOTICE- This Fictitious Name Statement expires five years from the date it was filed in the office of the County Clerk. A new Fictitious Business Name Statement must be filed prior to that date. The filing of this statement does not of itself authorize the use in this state of a Fictitious Business Name in violation of the rights of another under Federal, State, or common law (See section 14411 et seq. Business and Professions Code)
Publish: Mountain Views News
Dates Pub: JAN 04, 11, 18, 25, 2020
FICTITIOUS BUSINESS NAME STATEMENT
File No. 2019-332328
The following person(s) is (are) doing business as: SKY NINH CONSTRUCTION, 5001 CANDLEWOOD ST, LAKEWOOD, CA 90712. MAILING ADDRESS: 3500 S BRISTOL ST #204, SANTA ANA, CA 92704. Full name of registrant(s) is (are) TRI FUSION HOUSE, LLC, 3500 S BRISTOL ST #204, SANTA ANA, CA 92704. This Business is conducted by: A LIMITED LIABILITY COMPANY. Signed: SKY MINH HOANG. This statement was filed with the County Clerk of Los Angeles County on 12/30/19. The registrant(s) has (have) commenced to transact business under the fictitious business name or names listed above on N/A. NOTICE- This Fictitious Name Statement expires five years from the date it was filed in the office of the County Clerk. A new Fictitious Business Name Statement must be filed prior to that date. The filing of this statement does not of itself authorize the use in this state of a Fictitious Business Name in violation of the rights of another under Federal, State, or common law (See section 14411 et seq. Business and Professions Code)
Publish: Mountain Views News
Dates Pub: JAN 04, 11, 18, 25, 2020
FICTITIOUS BUSINESS NAME STATEMENT
File No. 2019-328599
The following person(s) is (are) doing business as: HMI RESTAURANT GROUP, POPEYES LOUISIANA KITCHEN SOUTH GATE, 11874 PARAMOUNT BLVD, SOUTH GATE, CA 90280. Full name of registrant(s) is (are) HMI RESTAURANT GROUP, INC, 11874 PARAMOUNT BLVD, SOUTH GATE, CA 90280. This Business is conducted by: A CORPORATION. Signed: CHONG KYUN YUN. This statement was filed with the County Clerk of Los Angeles County on 12/24/19. The registrant(s) has (have) commenced to transact business under the fictitious business name or names listed above on N/A. NOTICE- This Fictitious Name Statement expires five years from the date it was filed in the office of the County Clerk. A new Fictitious Business Name Statement must be filed prior to that date. The filing of this statement does not of itself authorize the use in this state of a Fictitious Business Name in violation of the rights of another under Federal, State, or common law (See section 14411 et seq. Business and Professions Code)
Publish: Mountain Views News
Dates Pub: JAN 04, 11, 18, 25, 2020
FICTITIOUS BUSINESS NAME STATEMENT
File No. 2019-330583
The following person(s) is (are) doing business as: JC TRANSPORT, 7614 WILCOX AVE APT B, CUDAHY, CA 90201. Full name of registrant(s) is (are) JERMAN HORLANDO MEMBRENO, 7614 WILCOX AVE APT B, CUDAHY, CA 90201. This Business is conducted by: AN INDIVIDUAL. Signed: JERMAN HORLANDO MEMBRENO. This statement was filed with the County Clerk of Los Angeles County on 12/27/19. The registrant(s) has (have) commenced to transact business under the fictitious business name or names listed above on N/A. NOTICE- This Fictitious Name Statement expires five years from the date it was filed in the office of the County Clerk. A new Fictitious Business Name Statement must be filed prior to that date. The filing of this statement does not of itself authorize the use in this state of a Fictitious Business Name in violation of the rights of another under Federal, State, or common law (See section 14411 et seq. Business and Professions Code)
Publish: Mountain Views News
Dates Pub: JAN 04, 11, 18, 25, 2020
FICTITIOUS BUSINESS NAME STATEMENT
File No. 2019-330187
The following person(s) is (are) doing business as: JJ TRUCKING, 159 E 218 ST, CARSON, CA 90745. Full name of registrant(s) is (are) JORGE A VILLAVICENCIO, 159 E 218TH ST, CARSON, CA 90745. This Business is conducted by: AN INDIVIDUAL. Signed: JORGE A VILLAVICENCIO. This statement was filed with the County Clerk of Los Angeles County on 12/27/19. The registrant(s) has (have) commenced to transact business under the fictitious business name or names listed above on N/A. NOTICE- This Fictitious Name Statement expires five years from the date it was filed in the office of the County Clerk. A new Fictitious Business Name Statement must be filed prior to that date. The filing of this statement does not of itself authorize the use in this state of a Fictitious Business Name in violation of the rights of another under Federal, State, or common law (See section 14411 et seq. Business and Professions Code)
Publish: Mountain Views News
Dates Pub: JAN 04, 11, 18, 25, 2020
FICTITIOUS BUSINESS NAME STATEMENT
File No. 2019-330807
The following person(s) is (are) doing business as: JB PROTECTIVE SERVICES, 7793 S ALMA LANE, LOS ANGELES, CA 90001. MAILING ADDRESS: 6909 E TOWNSEND ST, SOUTH GATE, CA 90280. Full name of registrant(s) is (are) ROBERT LAMAR SWIFT, 7793 S KALSI HALE AVE, LOS ANGELES, CA 90047. This Business is conducted by: AN INDIVIDUAL. Signed: ROBERT LAMAR SWIFT. This statement was filed with the County Clerk of Los Angeles County on 12/27/19. The registrant(s) has (have) commenced to transact business under the fictitious business name or names listed above on N/A. NOTICE- This Fictitious Name Statement expires five years from the date it was filed in the office of the County Clerk. A new Fictitious Business Name Statement must be filed prior to that date.
Publish: Mountain Views News
Dates Pub: JAN 04, 11, 18, 25, 2020
FICTITIOUS BUSINESS NAME STATEMENT
File No. 2019-331742
The following person(s) is (are) doing business as: JS ON THE GO, 6177 ATLANTIC AVE #322, LONG BEACH, CA 90805. MAILING ADDRESS: P.O. BOX 561, REDONDO BEACH, CA 90277. Full name of registrant(s) is (are) III INC, 6477 ATLANTIC AVE #322, LONG BEACH, CA 90805. This Business is conducted by: A CORPORATION. Signed: JEFFREY PAUL SHIELLITO. This statement was filed with the County Clerk of Los Angeles County on 12/30/19. The registrant(s) has (have) commenced to transact business under the fictitious business name or names listed above on N/A.
Publish: Mountain Views News
Dates Pub: JAN 04, 11, 18, 25, 2020
FICTITIOUS BUSINESS NAME STATEMENT
File No. 2019-329777
The following person(s) is (are) doing business as: KCANALES TRUCKING, 8918 JOSEPHINE ST, PARAMOUNT, CA 90723. Full name of registrant(s) is (are) KENNY ROBERT CANALES CHACON, 8918 JOSEPHINE ST, PARAMOUNT, CA 90723. This Business is conducted by: AN INDIVIDUAL. Signed: KENNY ROBERT CANALES CHACON. This statement was filed with the County Clerk of Los Angeles County on 12/26/19.
Publish: Mountain Views News
Dates Pub: JAN 04, 11, 18, 25, 2020
FICTITIOUS BUSINESS NAME STATEMENT
File No. 2019-329737
The following person(s) is (are) doing business as: KVN TRUCKING, 11840 OLD RIVER SCHOOL RD 204, DOWNEY, CA 90241. Full name of registrant(s) is (are) KENNY ANTONIO REYES, 11840 OLD RIVER SCHOOL RD 204, DOWNEY, CA 90241. This Business is conducted by: AN INDIVIDUAL. Signed: KENNY ANTONIO REYES. This statement was filed with the County Clerk of Los Angeles County on 12/26/19.
Publish: Mountain Views News
Dates Pub: JAN 04, 11, 18, 25, 2020
FICTITIOUS BUSINESS NAME STATEMENT
File No. 2019-327090
The following person(s) is (are) doing business as: KURLY BEAUTY SALON & APPAREL OUTLET, 3511 TWEEDY BLVD # 2, SOUTH GATE, CA 90280. Full name of registrant(s) is (are) LETICIA N ZAMARRON, 3511 TWEEDY BLVD # 2, SOUTH GATE, CA 90280. This Business is conducted by: AN INDIVIDUAL. Signed: LETICIA N ZAMARRON.
Publish: Mountain Views News
Dates Pub: JAN 04, 11, 18, 25, 2020
as: LCR TRUCKING, 2814 RANDOLPH ST, HUNTINGTON PARK, CA 90255. Full name of registrant(s) is (are) LINO CRISTOBAL RODRIGUEZ DIAZ, 2814 RANDOLPH ST, HUNTINGTON PARK, CA 90255; MAGDALIA FLORES RODRIGUEZ, 2814 RANDOLPH ST, HUNTINGTON PARK, CA 90255. This Business is conducted by: A MARRIED COUPLE. Signed: MAGDALIA FLORES RODRIGUEZ. This statement was filed with the County Clerk of Los Angeles County on 12/30/19. The registrant(s) has (have) commenced to transact business under the fictitious business name or names listed above on N/A. NOTICE- This Fictitious Name Statement expires five years from the date it was filed in the office of the County Clerk. A new Fictitious Business Name Statement must be filed prior to that date. The filing of this statement does not of itself authorize the use in this state of a Fictitious Business Name in violation of the rights of another under Federal, State, or common law (See section 14411 et seq. Business and Professions Code)
Publish: Mountain Views News
Dates Pub: JAN 04, 11, 18, 25, 2020
FICTITIOUS BUSINESS NAME STATEMENT
File No. 2019-333393
The following person(s) is (are) doing business as: LDWOODWORKCREATIONS, 13813 GRAYSTONE AVE, NORWALK, CA 90650. Full name of registrant(s) is (are) LUIS FERNANDO DELGADO-ENRIQUEZ, 13813 GRAYSTONE AVE, NORWALK, CA 90650. This Business is conducted by: AN INDIVIDUAL. Signed: LUIS FERNANDO DELGADO-ENRIQUEZ. This statement was filed with the County Clerk of Los Angeles County on 12/31/19. The registrant(s) has (have) commenced to transact business under the fictitious business name or names listed above on 12/2019. NOTICE- This Fictitious Name Statement expires five years from the date it was filed in the office of the County Clerk. A new Fictitious Business Name Statement must be filed prior to that date. The filing of this statement does not of itself authorize the use in this state of a Fictitious Business Name in violation of the rights of another under Federal, State, or common law (See section 14411 et seq. Business and Professions Code)
Publish: Mountain Views News
Dates Pub: JAN 04, 11, 18, 25, 2020
FICTITIOUS BUSINESS NAME STATEMENT
File No. 2019-329966
The following person(s) is (are) doing business as: LE FUNNEL CAKES AND DESSERTS, 7006 S WATCHER ST, COMMERCE, CA 90040. Full name of registrant(s) is (are) ABRAHAM ALBERTO CARRENO CHILPA, 7006 S WATCHER ST, COMMERCE, CA 90040; ARACELI FLORES, 7006 S WATCHER ST, COMMERCE, CA 90040. This Business is conducted by: A MARRIED COUPLE. Signed: ABRAHAM ALBERTO CARRENO CHILPA. This statement was filed with the County Clerk of Los Angeles County on 12/27/19. The registrant(s) has (have) commenced to transact business under the fictitious business name or names listed above on N/A. NOTICE- This Fictitious Name Statement expires five years from the date it was filed in the office of the County Clerk. A new Fictitious Business Name Statement must be filed prior to that date. The filing of this statement does not of itself authorize the use in this state of a Fictitious Business Name in violation of the rights of another under Federal, State, or common law (See section 14411 et seq. Business and Professions Code)
Publish: Mountain Views News
Dates Pub: JAN 04, 11, 18, 25, 2020
FICTITIOUS BUSINESS NAME STATEMENT
File No. 2019-330184
The following person(s) is (are) doing business as: LEDESMA SEAFOOD RESTAURANT, 1550 E ANAHEIM STREET, LONG BEACH, CA 90813. Full name of registrant(s) is (are) KELVIN S OSORIO, 1550 E ANAHEIM STREET, LONG BEACH, CA 90813. This Business is conducted by: AN INDIVIDUAL. Signed: KELVIN S OSORIO. This statement was filed with the County Clerk of Los Angeles County on 12/27/19. The registrant(s) has (have) commenced to transact business under the fictitious business name or names listed above on N/A. NOTICE- This Fictitious Name Statement expires five years from the date it was filed in the office of the County Clerk. A new Fictitious Business Name Statement must be filed prior to that date. The filing of this statement does not of itself authorize the use in this state of a Fictitious Business Name in violation of the rights of another under Federal, State, or common law (See section 14411 et seq. Business and Professions Code)
Publish: Mountain Views News
Dates Pub: JAN 04, 11, 18, 25, 2020
FICTITIOUS BUSINESS NAME STATEMENT
File No. 2019-331807
The following person(s) is (are) doing business as: LOVE LOVE LOVE, 4425 E MEADOWBROOK ST, CARSON, CA 90746. Full name of registrant(s) is (are) DESHARAY PERRY, 211 CEDAR AVE APT 303, LONG BEACH, CA 90806. This Business is conducted by: AN INDIVIDUAL. Signed: DESHARAY PERRY. This statement was filed with the County Clerk of Los Angeles County on 12/30/19. The registrant(s) has (have) commenced to transact business under the fictitious business name or names listed above on N/A. NOTICE- This Fictitious Name Statement expires five years from the date it was filed in the office of the County Clerk. A new Fictitious Business Name Statement must be filed prior to that date.
Publish: Mountain Views News
Dates Pub: JAN 04, 11, 18, 25, 2020
FICTITIOUS BUSINESS NAME STATEMENT
File No. 2019-331309
The following person(s) is (are) doing business as: MINOS WEIGHTS, 5829 EST 2ND ST, LONG BEACH, CA 90803. Full name of registrant(s) is (are) GUILLERMO OLIVA, 5829 EST 2ND ST, LONG BEACH, CA 90803. This Business is conducted by: AN INDIVIDUAL. Signed: GUILLERMO OLIVA. This statement was filed with the County Clerk of Los Angeles County on 12/30/19. The registrant(s) has (have) commenced to transact business under the fictitious business name or names listed above on N/A.
Publish: Mountain Views News
Dates Pub: JAN 04, 11, 18, 25, 2020
FICTITIOUS BUSINESS NAME STATEMENT
File No. 2019-326729
The following person(s) is (are) doing business as: MOSITO SWIMWEAR, 1750 E OCEAN BLVD UNIT 507, LONG BEACH, CA 90802. Full name of registrant(s) is (are) JESSICA M MATA, 1750 E OCEAN BLVD UNIT 507, LONG BEACH, CA 90802. This Business is conducted by: AN INDIVIDUAL. Signed: JESSICA M MATA. This statement was filed with the County Clerk of Los Angeles County on 12/23/19.
Publish: Mountain Views News
Dates Pub: JAN 04, 11, 18, 25, 2020
FICTITIOUS BUSINESS NAME STATEMENT
File No. 2019-327834
The following person(s) is (are) doing business as: NEW DRAGON BURGER, 3930 EAST ANAHEIM STREET, LONG BEACH, CA 90804. MAILING ADDRESS: 4948 PASADENA AVE # 36, LONG BEACH, CA 90805. Full name of registrant(s) is (are) ALVIN P UNG. This Business is conducted by: AN INDIVIDUAL. Signed: ALVIN P UNG.
Publish: Mountain Views News
Dates Pub: JAN 04, 11, 18, 25, 2020
FICTITIOUS BUSINESS NAME STATEMENT
File No. 2019-329744
The following person(s) is (are) doing business as: NQ DEPUTY INSPECTION SERVICES, 820 E RAYMOND ST, COMPTON, CA 90221. Full name of registrant(s) is (are) NORBERTO QUINTERO. This Business is conducted by: AN INDIVIDUAL. Signed: NORBERTO QUINTERO.
Publish: Mountain Views News
Dates Pub: JAN 04, 11, 18, 25, 2020
FICTITIOUS BUSINESS NAME STATEMENT
File No. 2019-331746
The following person(s) is (are) doing business as: OH SO PAPER, 6477 ATLANTIC AVE #322, LONG BEACH, CA 90805. Full name of registrant(s) is (are) III INC. This Business is conducted by: A CORPORATION. Signed: JEFFREY PAUL SHIELLITO.
Publish: Mountain Views News
Dates Pub: JAN 04, 11, 18, 25, 2020
Mountain Views News 80 W Sierra Madre Blvd. No. 327 Sierra Madre, Ca. 91024 Office: 626.355.2737 Fax: 626.609.3285 Email: editor@mtnviewsnews.com Website: www.mtnviewsnews.com
